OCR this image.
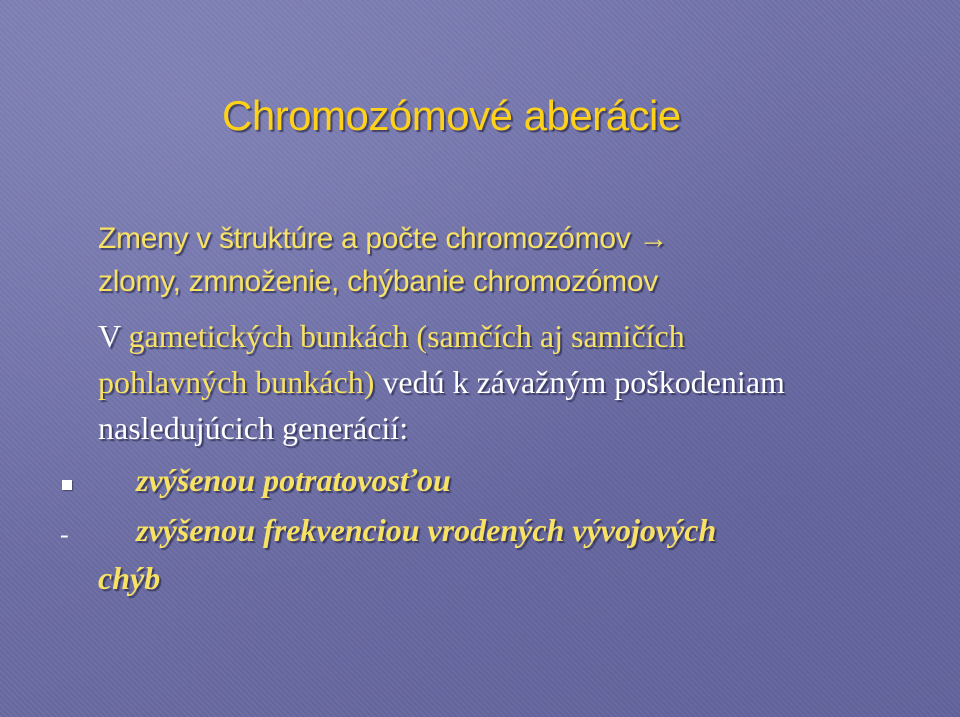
Chromozómové aberácie
Zmeny v štruktúre a počte chromozómov →
zlomy, zmnoženie, chýbanie chromozómov
V gametických bunkách (samčích aj samičích
pohlavných bunkách) vedú k závažným poškodeniam
nasledujúcich generácií:
zvýšenou potratovosťou
- zvýšenou frekvenciou vrodených vývojových
chýb
